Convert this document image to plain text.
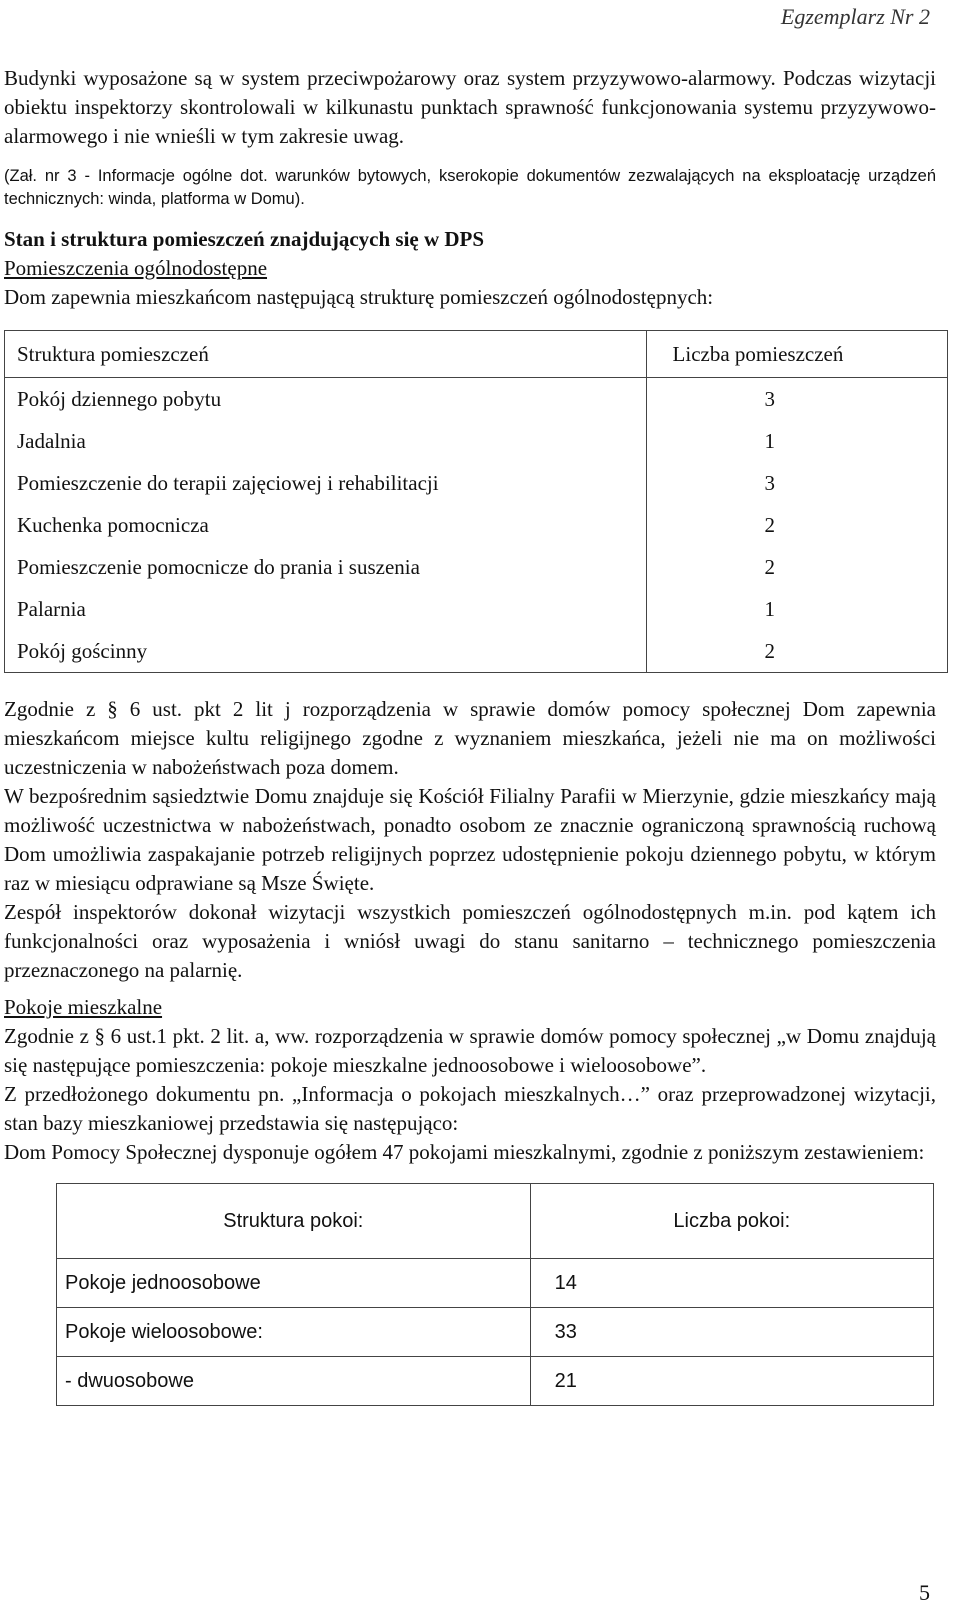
Egzemplarz Nr 2

Budynki wyposażone są w system przeciwpożarowy oraz system przyzywowo-alarmowy. Podczas wizytacji obiektu inspektorzy skontrolowali w kilkunastu punktach sprawność funkcjonowania systemu przyzywowo-alarmowego i nie wnieśli w tym zakresie uwag.

(Zał. nr 3 - Informacje ogólne dot. warunków bytowych, kserokopie dokumentów zezwalających na eksploatację urządzeń technicznych: winda, platforma w Domu).

Stan i struktura pomieszczeń znajdujących się w DPS

Pomieszczenia ogólnodostępne

Dom zapewnia mieszkańcom następującą strukturę pomieszczeń ogólnodostępnych:

Struktura pomieszczeń	Liczba pomieszczeń
Pokój dziennego pobytu	3
Jadalnia	1
Pomieszczenie do terapii zajęciowej i rehabilitacji	3
Kuchenka pomocnicza	2
Pomieszczenie pomocnicze do prania i suszenia	2
Palarnia	1
Pokój gościnny	2

Zgodnie z § 6 ust. pkt 2 lit j rozporządzenia w sprawie domów pomocy społecznej Dom zapewnia mieszkańcom miejsce kultu religijnego zgodne z wyznaniem mieszkańca, jeżeli nie ma on możliwości uczestniczenia w nabożeństwach poza domem.

W bezpośrednim sąsiedztwie Domu znajduje się Kościół Filialny Parafii w Mierzynie, gdzie mieszkańcy mają możliwość uczestnictwa w nabożeństwach, ponadto osobom ze znacznie ograniczoną sprawnością ruchową Dom umożliwia zaspakajanie potrzeb religijnych poprzez udostępnienie pokoju dziennego pobytu, w którym raz w miesiącu odprawiane są Msze Święte.

Zespół inspektorów dokonał wizytacji wszystkich pomieszczeń ogólnodostępnych m.in. pod kątem ich funkcjonalności oraz wyposażenia i wniósł uwagi do stanu sanitarno – technicznego pomieszczenia przeznaczonego na palarnię.

Pokoje mieszkalne

Zgodnie z § 6 ust.1 pkt. 2 lit. a, ww. rozporządzenia w sprawie domów pomocy społecznej „w Domu znajdują się następujące pomieszczenia: pokoje mieszkalne jednoosobowe i wieloosobowe”.

Z przedłożonego dokumentu pn. „Informacja o pokojach mieszkalnych…” oraz przeprowadzonej wizytacji, stan bazy mieszkaniowej przedstawia się następująco:

Dom Pomocy Społecznej dysponuje ogółem 47 pokojami mieszkalnymi, zgodnie z poniższym zestawieniem:

Struktura pokoi:	Liczba pokoi:
Pokoje jednoosobowe	14
Pokoje wieloosobowe:	33
- dwuosobowe	21
5
